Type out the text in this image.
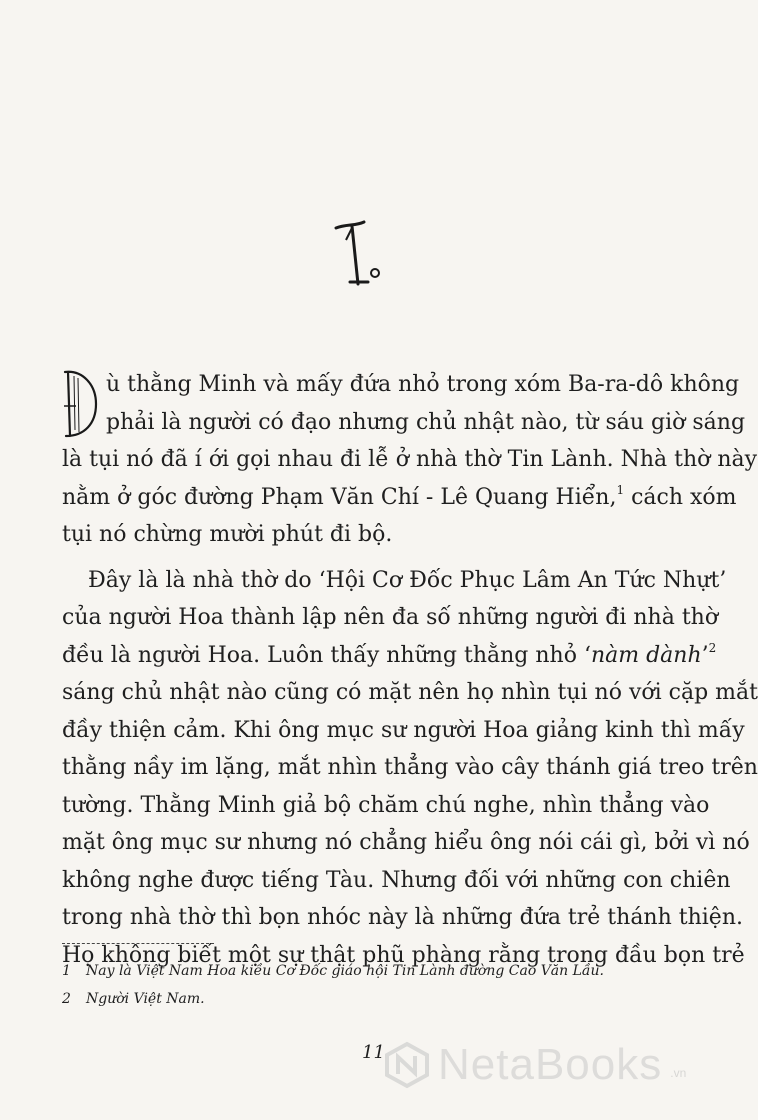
1.
D
ù thằng Minh và mấy đứa nhỏ trong xóm Ba-ra-dô không
phải là người có đạo nhưng chủ nhật nào, từ sáu giờ sáng
là tụi nó đã í ới gọi nhau đi lễ ở nhà thờ Tin Lành. Nhà thờ này
nằm ở góc đường Phạm Văn Chí - Lê Quang Hiển,$^1$ cách xóm
tụi nó chừng mười phút đi bộ.
Đây là là nhà thờ do ‘Hội Cơ Đốc Phục Lâm An Tức Nhựt’
của người Hoa thành lập nên đa số những người đi nhà thờ
đều là người Hoa. Luôn thấy những thằng nhỏ ‘nàm dành’$^2$
sáng chủ nhật nào cũng có mặt nên họ nhìn tụi nó với cặp mắt
đầy thiện cảm. Khi ông mục sư người Hoa giảng kinh thì mấy
thằng nầy im lặng, mắt nhìn thẳng vào cây thánh giá treo trên
tường. Thằng Minh giả bộ chăm chú nghe, nhìn thẳng vào
mặt ông mục sư nhưng nó chẳng hiểu ông nói cái gì, bởi vì nó
không nghe được tiếng Tàu. Nhưng đối với những con chiên
trong nhà thờ thì bọn nhóc này là những đứa trẻ thánh thiện.
Họ không biết một sự thật phũ phàng rằng trong đầu bọn trẻ
1 Nay là Việt Nam Hoa kiều Cơ Đốc giáo hội Tin Lành đường Cao Văn Lầu.
2 Người Việt Nam.
11 NetaBooks .vn
